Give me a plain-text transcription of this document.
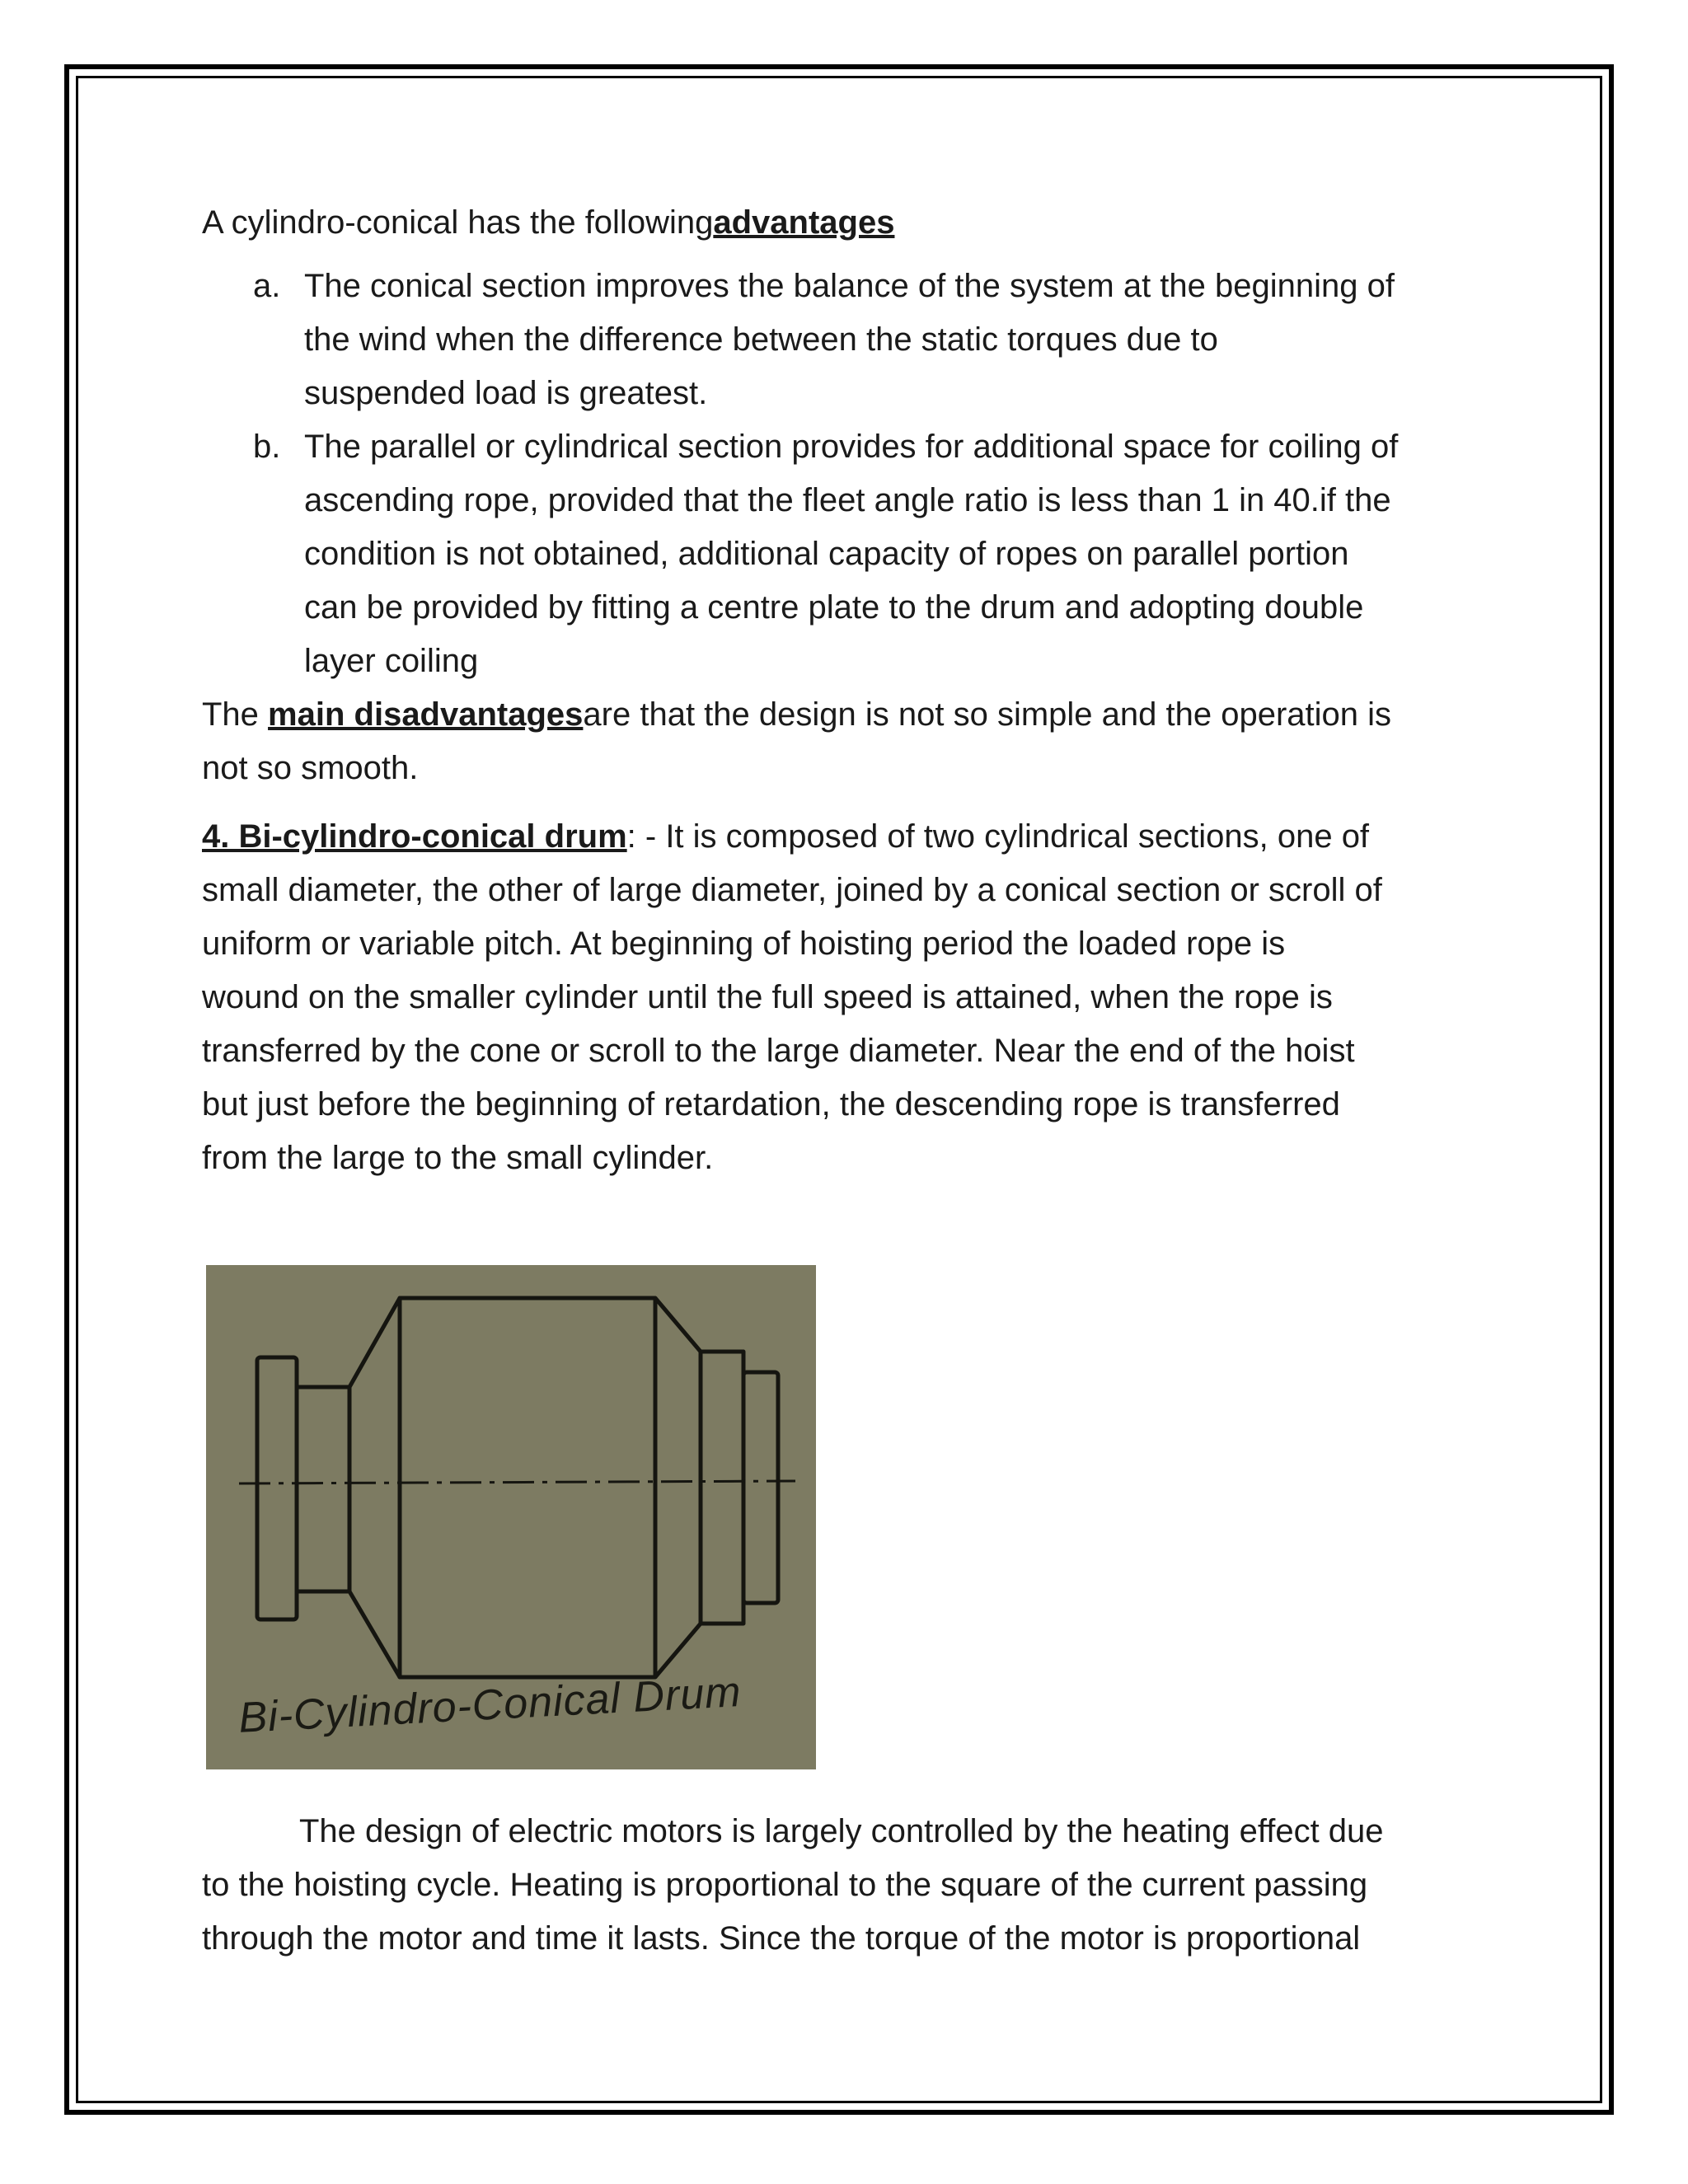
A cylindro-conical has the followingadvantages

a. The conical section improves the balance of the system at the beginning of
the wind when the difference between the static torques due to
suspended load is greatest.
b. The parallel or cylindrical section provides for additional space for coiling of
ascending rope, provided that the fleet angle ratio is less than 1 in 40.if the
condition is not obtained, additional capacity of ropes on parallel portion
can be provided by fitting a centre plate to the drum and adopting double
layer coiling

The main disadvantagesare that the design is not so simple and the operation is
not so smooth.

4. Bi-cylindro-conical drum: - It is composed of two cylindrical sections, one of
small diameter, the other of large diameter, joined by a conical section or scroll of
uniform or variable pitch. At beginning of hoisting period the loaded rope is
wound on the smaller cylinder until the full speed is attained, when the rope is
transferred by the cone or scroll to the large diameter. Near the end of the hoist
but just before the beginning of retardation, the descending rope is transferred
from the large to the small cylinder.

Bi-Cylindro-Conical Drum
The design of electric motors is largely controlled by the heating effect due
to the hoisting cycle. Heating is proportional to the square of the current passing
through the motor and time it lasts. Since the torque of the motor is proportional
